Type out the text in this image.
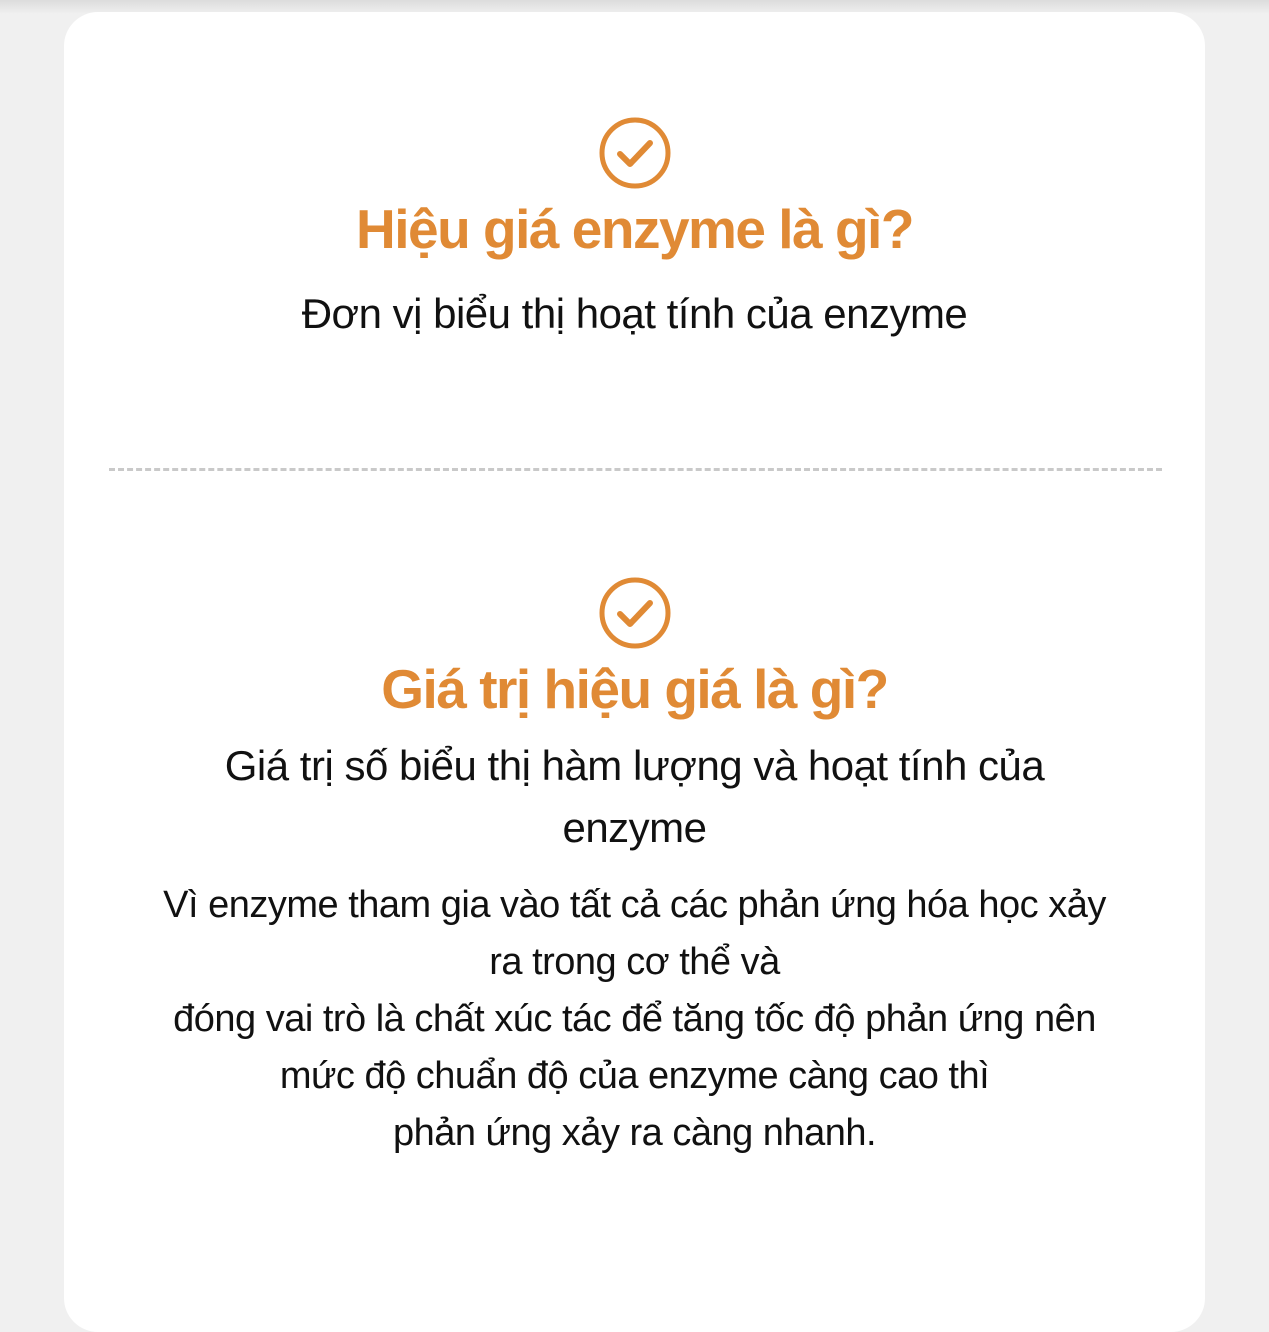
Hiệu giá enzyme là gì?

Đơn vị biểu thị hoạt tính của enzyme

Giá trị hiệu giá là gì?

Giá trị số biểu thị hàm lượng và hoạt tính của

enzyme

Vì enzyme tham gia vào tất cả các phản ứng hóa học xảy
ra trong cơ thể và
đóng vai trò là chất xúc tác để tăng tốc độ phản ứng nên
mức độ chuẩn độ của enzyme càng cao thì
phản ứng xảy ra càng nhanh.
